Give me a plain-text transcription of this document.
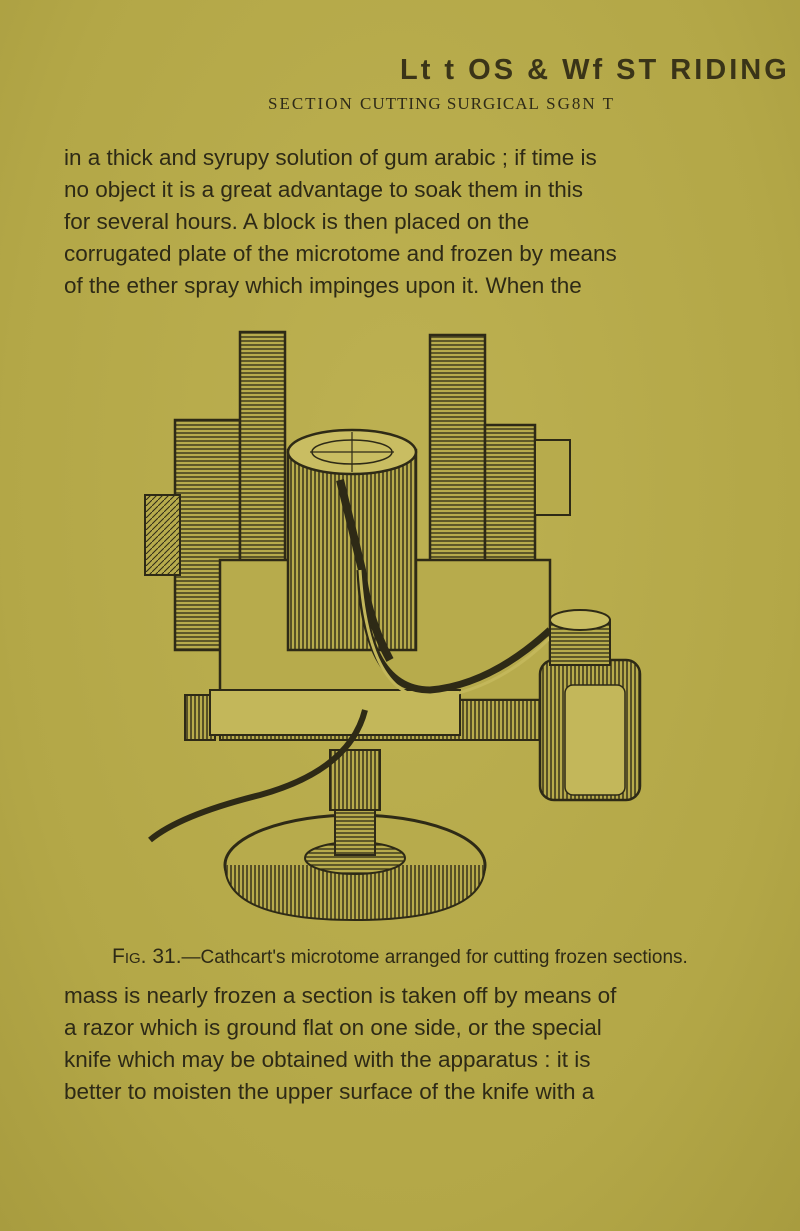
Lt t OS & Wf ST RIDING
SECTION CUTTING SURGICAL SG8N T
in a thick and syrupy solution of gum arabic ; if time is
no object it is a great advantage to soak them in this
for several hours. A block is then placed on the
corrugated plate of the microtome and frozen by means
of the ether spray which impinges upon it. When the
Fig. 31.—Cathcart's microtome arranged for cutting frozen sections.
mass is nearly frozen a section is taken off by means of
a razor which is ground flat on one side, or the special
knife which may be obtained with the apparatus : it is
better to moisten the upper surface of the knife with a
